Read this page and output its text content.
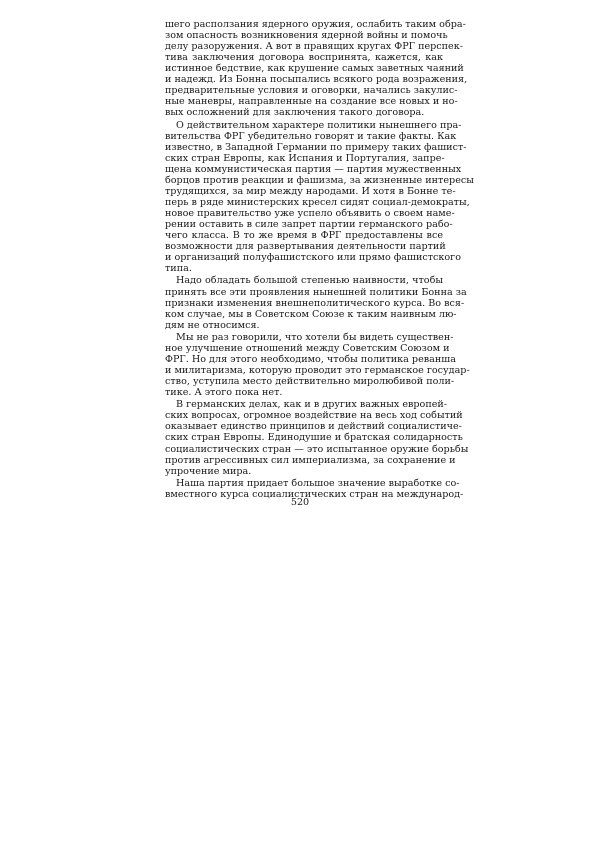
шего расползания ядерного оружия, ослабить таким обра-
зом опасность возникновения ядерной войны и помочь
делу разоружения. А вот в правящих кругах ФРГ перспек-
тива заключения договора воспринята, кажется, как
истинное бедствие, как крушение самых заветных чаяний
и надежд. Из Бонна посыпались всякого рода возражения,
предварительные условия и оговорки, начались закулис-
ные маневры, направленные на создание все новых и но-
вых осложнений для заключения такого договора.
О действительном характере политики нынешнего пра-
вительства ФРГ убедительно говорят и такие факты. Как
известно, в Западной Германии по примеру таких фашист-
ских стран Европы, как Испания и Португалия, запре-
щена коммунистическая партия — партия мужественных
борцов против реакции и фашизма, за жизненные интересы
трудящихся, за мир между народами. И хотя в Бонне те-
перь в ряде министерских кресел сидят социал-демократы,
новое правительство уже успело объявить о своем наме-
рении оставить в силе запрет партии германского рабо-
чего класса. В то же время в ФРГ предоставлены все
возможности для развертывания деятельности партий
и организаций полуфашистского или прямо фашистского
типа.
Надо обладать большой степенью наивности, чтобы
принять все эти проявления нынешней политики Бонна за
признаки изменения внешнеполитического курса. Во вся-
ком случае, мы в Советском Союзе к таким наивным лю-
дям не относимся.
Мы не раз говорили, что хотели бы видеть существен-
ное улучшение отношений между Советским Союзом и
ФРГ. Но для этого необходимо, чтобы политика реванша
и милитаризма, которую проводит это германское государ-
ство, уступила место действительно миролюбивой поли-
тике. А этого пока нет.
В германских делах, как и в других важных европей-
ских вопросах, огромное воздействие на весь ход событий
оказывает единство принципов и действий социалистиче-
ских стран Европы. Единодушие и братская солидарность
социалистических стран — это испытанное оружие борьбы
против агрессивных сил империализма, за сохранение и
упрочение мира.
Наша партия придает большое значение выработке со-
вместного курса социалистических стран на международ-
520
